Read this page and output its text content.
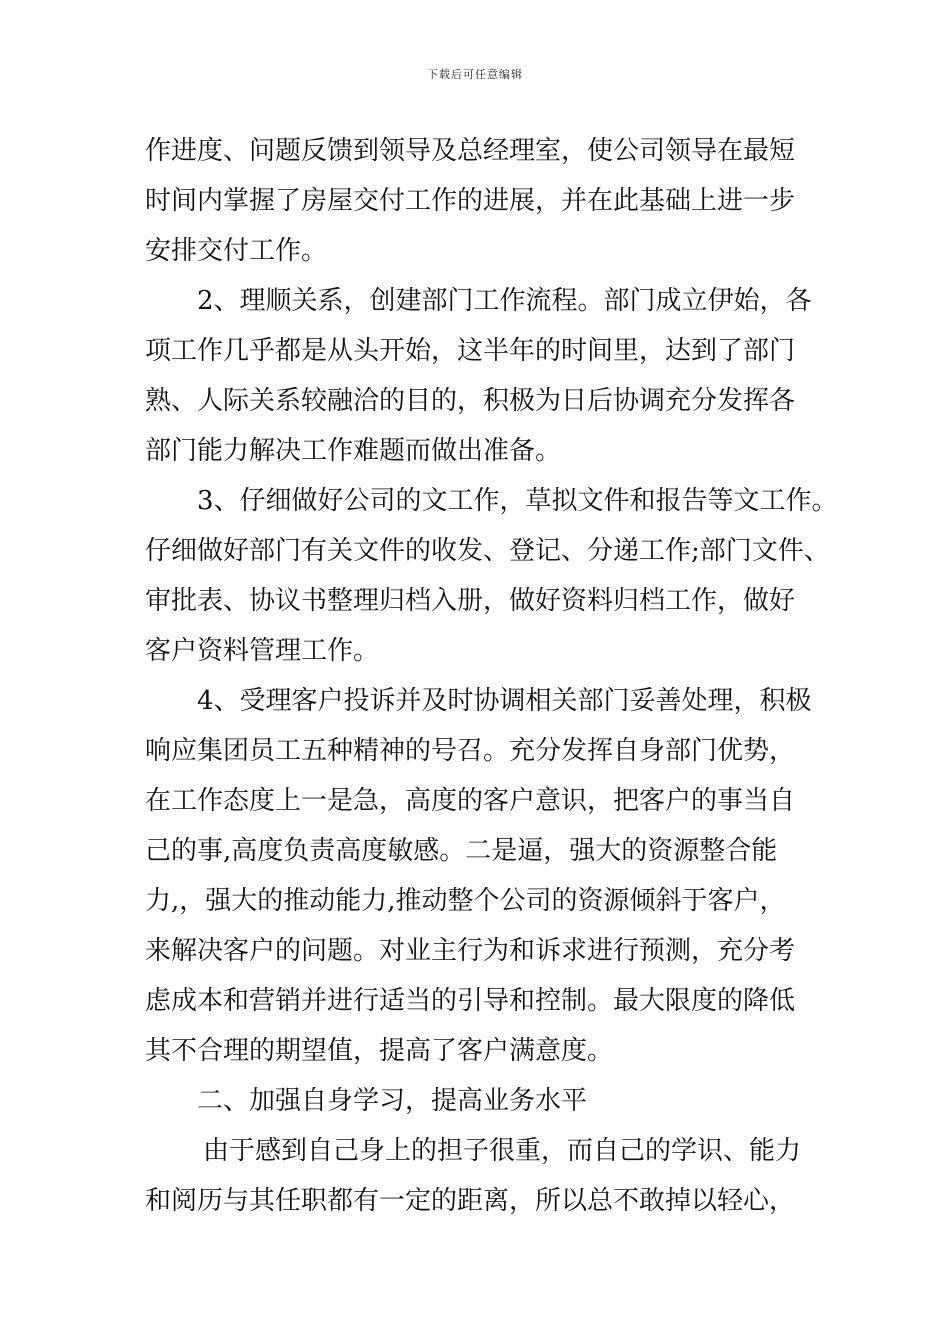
下载后可任意编辑
作进度、问题反馈到领导及总经理室，使公司领导在最短
时间内掌握了房屋交付工作的进展，并在此基础上进一步
安排交付工作。
2、理顺关系，创建部门工作流程。部门成立伊始，各
项工作几乎都是从头开始，这半年的时间里，达到了部门
熟、人际关系较融洽的目的，积极为日后协调充分发挥各
部门能力解决工作难题而做出准备。
3、仔细做好公司的文工作，草拟文件和报告等文工作。
仔细做好部门有关文件的收发、登记、分递工作;部门文件、
审批表、协议书整理归档入册，做好资料归档工作，做好
客户资料管理工作。
4、受理客户投诉并及时协调相关部门妥善处理，积极
响应集团员工五种精神的号召。充分发挥自身部门优势，
在工作态度上一是急，高度的客户意识，把客户的事当自
己的事,高度负责高度敏感。二是逼，强大的资源整合能
力,，强大的推动能力,推动整个公司的资源倾斜于客户，
来解决客户的问题。对业主行为和诉求进行预测，充分考
虑成本和营销并进行适当的引导和控制。最大限度的降低
其不合理的期望值，提高了客户满意度。
二、加强自身学习，提高业务水平
由于感到自己身上的担子很重，而自己的学识、能力
和阅历与其任职都有一定的距离，所以总不敢掉以轻心，
